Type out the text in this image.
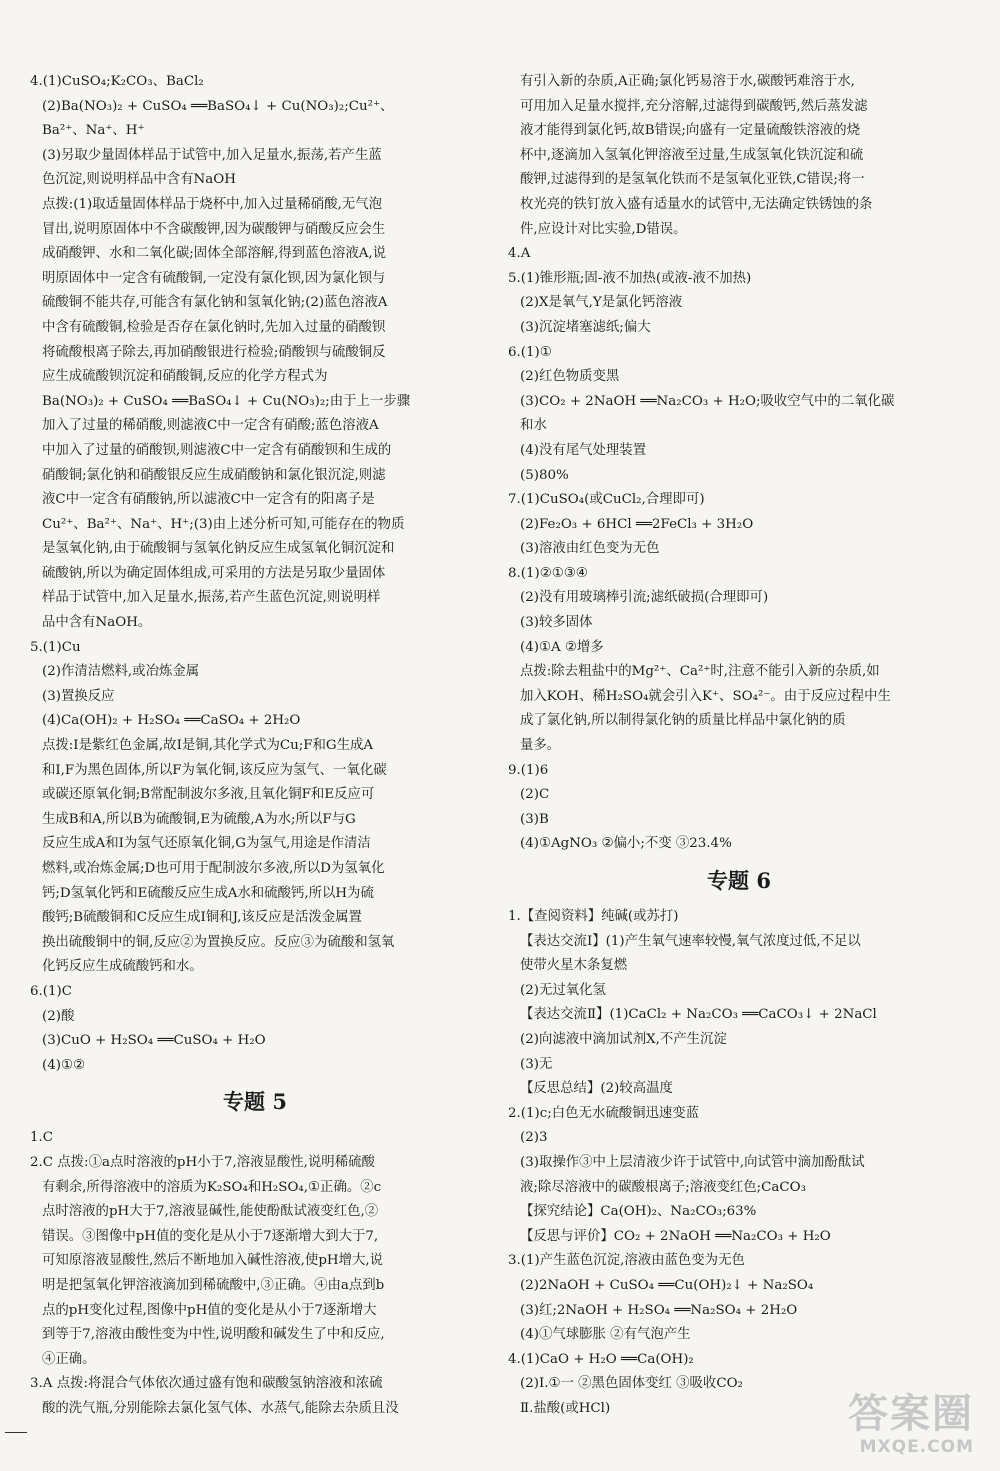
4.(1)CuSO₄;K₂CO₃、BaCl₂
(2)Ba(NO₃)₂ + CuSO₄ ══BaSO₄↓ + Cu(NO₃)₂;Cu²⁺、
Ba²⁺、Na⁺、H⁺
(3)另取少量固体样品于试管中,加入足量水,振荡,若产生蓝
色沉淀,则说明样品中含有NaOH
点拨:(1)取适量固体样品于烧杯中,加入过量稀硝酸,无气泡
冒出,说明原固体中不含碳酸钾,因为碳酸钾与硝酸反应会生
成硝酸钾、水和二氧化碳;固体全部溶解,得到蓝色溶液A,说
明原固体中一定含有硫酸铜,一定没有氯化钡,因为氯化钡与
硫酸铜不能共存,可能含有氯化钠和氢氧化钠;(2)蓝色溶液A
中含有硫酸铜,检验是否存在氯化钠时,先加入过量的硝酸钡
将硫酸根离子除去,再加硝酸银进行检验;硝酸钡与硫酸铜反
应生成硫酸钡沉淀和硝酸铜,反应的化学方程式为
Ba(NO₃)₂ + CuSO₄ ══BaSO₄↓ + Cu(NO₃)₂;由于上一步骤
加入了过量的稀硝酸,则滤液C中一定含有硝酸;蓝色溶液A
中加入了过量的硝酸钡,则滤液C中一定含有硝酸钡和生成的
硝酸铜;氯化钠和硝酸银反应生成硝酸钠和氯化银沉淀,则滤
液C中一定含有硝酸钠,所以滤液C中一定含有的阳离子是
Cu²⁺、Ba²⁺、Na⁺、H⁺;(3)由上述分析可知,可能存在的物质
是氢氧化钠,由于硫酸铜与氢氧化钠反应生成氢氧化铜沉淀和
硫酸钠,所以为确定固体组成,可采用的方法是另取少量固体
样品于试管中,加入足量水,振荡,若产生蓝色沉淀,则说明样
品中含有NaOH。
5.(1)Cu
(2)作清洁燃料,或冶炼金属
(3)置换反应
(4)Ca(OH)₂ + H₂SO₄ ══CaSO₄ + 2H₂O
点拨:I是紫红色金属,故I是铜,其化学式为Cu;F和G生成A
和I,F为黑色固体,所以F为氧化铜,该反应为氢气、一氧化碳
或碳还原氧化铜;B常配制波尔多液,且氧化铜F和E反应可
生成B和A,所以B为硫酸铜,E为硫酸,A为水;所以F与G
反应生成A和I为氢气还原氧化铜,G为氢气,用途是作清洁
燃料,或冶炼金属;D也可用于配制波尔多液,所以D为氢氧化
钙;D氢氧化钙和E硫酸反应生成A水和硫酸钙,所以H为硫
酸钙;B硫酸铜和C反应生成I铜和J,该反应是活泼金属置
换出硫酸铜中的铜,反应②为置换反应。反应③为硫酸和氢氧
化钙反应生成硫酸钙和水。
6.(1)C
(2)酸
(3)CuO + H₂SO₄ ══CuSO₄ + H₂O
(4)①②
专题 5
1.C
2.C 点拨:①a点时溶液的pH小于7,溶液显酸性,说明稀硫酸
有剩余,所得溶液中的溶质为K₂SO₄和H₂SO₄,①正确。②c
点时溶液的pH大于7,溶液显碱性,能使酚酞试液变红色,②
错误。③图像中pH值的变化是从小于7逐渐增大到大于7,
可知原溶液显酸性,然后不断地加入碱性溶液,使pH增大,说
明是把氢氧化钾溶液滴加到稀硫酸中,③正确。④由a点到b
点的pH变化过程,图像中pH值的变化是从小于7逐渐增大
到等于7,溶液由酸性变为中性,说明酸和碱发生了中和反应,
④正确。
3.A 点拨:将混合气体依次通过盛有饱和碳酸氢钠溶液和浓硫
酸的洗气瓶,分别能除去氯化氢气体、水蒸气,能除去杂质且没
有引入新的杂质,A正确;氯化钙易溶于水,碳酸钙难溶于水,
可用加入足量水搅拌,充分溶解,过滤得到碳酸钙,然后蒸发滤
液才能得到氯化钙,故B错误;向盛有一定量硫酸铁溶液的烧
杯中,逐滴加入氢氧化钾溶液至过量,生成氢氧化铁沉淀和硫
酸钾,过滤得到的是氢氧化铁而不是氢氧化亚铁,C错误;将一
枚光亮的铁钉放入盛有适量水的试管中,无法确定铁锈蚀的条
件,应设计对比实验,D错误。
4.A
5.(1)锥形瓶;固-液不加热(或液-液不加热)
(2)X是氧气,Y是氯化钙溶液
(3)沉淀堵塞滤纸;偏大
6.(1)①
(2)红色物质变黑
(3)CO₂ + 2NaOH ══Na₂CO₃ + H₂O;吸收空气中的二氧化碳
和水
(4)没有尾气处理装置
(5)80%
7.(1)CuSO₄(或CuCl₂,合理即可)
(2)Fe₂O₃ + 6HCl ══2FeCl₃ + 3H₂O
(3)溶液由红色变为无色
8.(1)②①③④
(2)没有用玻璃棒引流;滤纸破损(合理即可)
(3)较多固体
(4)①A ②增多
点拨:除去粗盐中的Mg²⁺、Ca²⁺时,注意不能引入新的杂质,如
加入KOH、稀H₂SO₄就会引入K⁺、SO₄²⁻。由于反应过程中生
成了氯化钠,所以制得氯化钠的质量比样品中氯化钠的质
量多。
9.(1)6
(2)C
(3)B
(4)①AgNO₃ ②偏小;不变 ③23.4%
专题 6
1.【查阅资料】纯碱(或苏打)
【表达交流Ⅰ】(1)产生氧气速率较慢,氧气浓度过低,不足以
使带火星木条复燃
(2)无过氧化氢
【表达交流Ⅱ】(1)CaCl₂ + Na₂CO₃ ══CaCO₃↓ + 2NaCl
(2)向滤液中滴加试剂X,不产生沉淀
(3)无
【反思总结】(2)较高温度
2.(1)c;白色无水硫酸铜迅速变蓝
(2)3
(3)取操作③中上层清液少许于试管中,向试管中滴加酚酞试
液;除尽溶液中的碳酸根离子;溶液变红色;CaCO₃
【探究结论】Ca(OH)₂、Na₂CO₃;63%
【反思与评价】CO₂ + 2NaOH ══Na₂CO₃ + H₂O
3.(1)产生蓝色沉淀,溶液由蓝色变为无色
(2)2NaOH + CuSO₄ ══Cu(OH)₂↓ + Na₂SO₄
(3)红;2NaOH + H₂SO₄ ══Na₂SO₄ + 2H₂O
(4)①气球膨胀 ②有气泡产生
4.(1)CaO + H₂O ══Ca(OH)₂
(2)Ⅰ.①一 ②黑色固体变红 ③吸收CO₂
Ⅱ.盐酸(或HCl)	答案圈
MXQE.COM
